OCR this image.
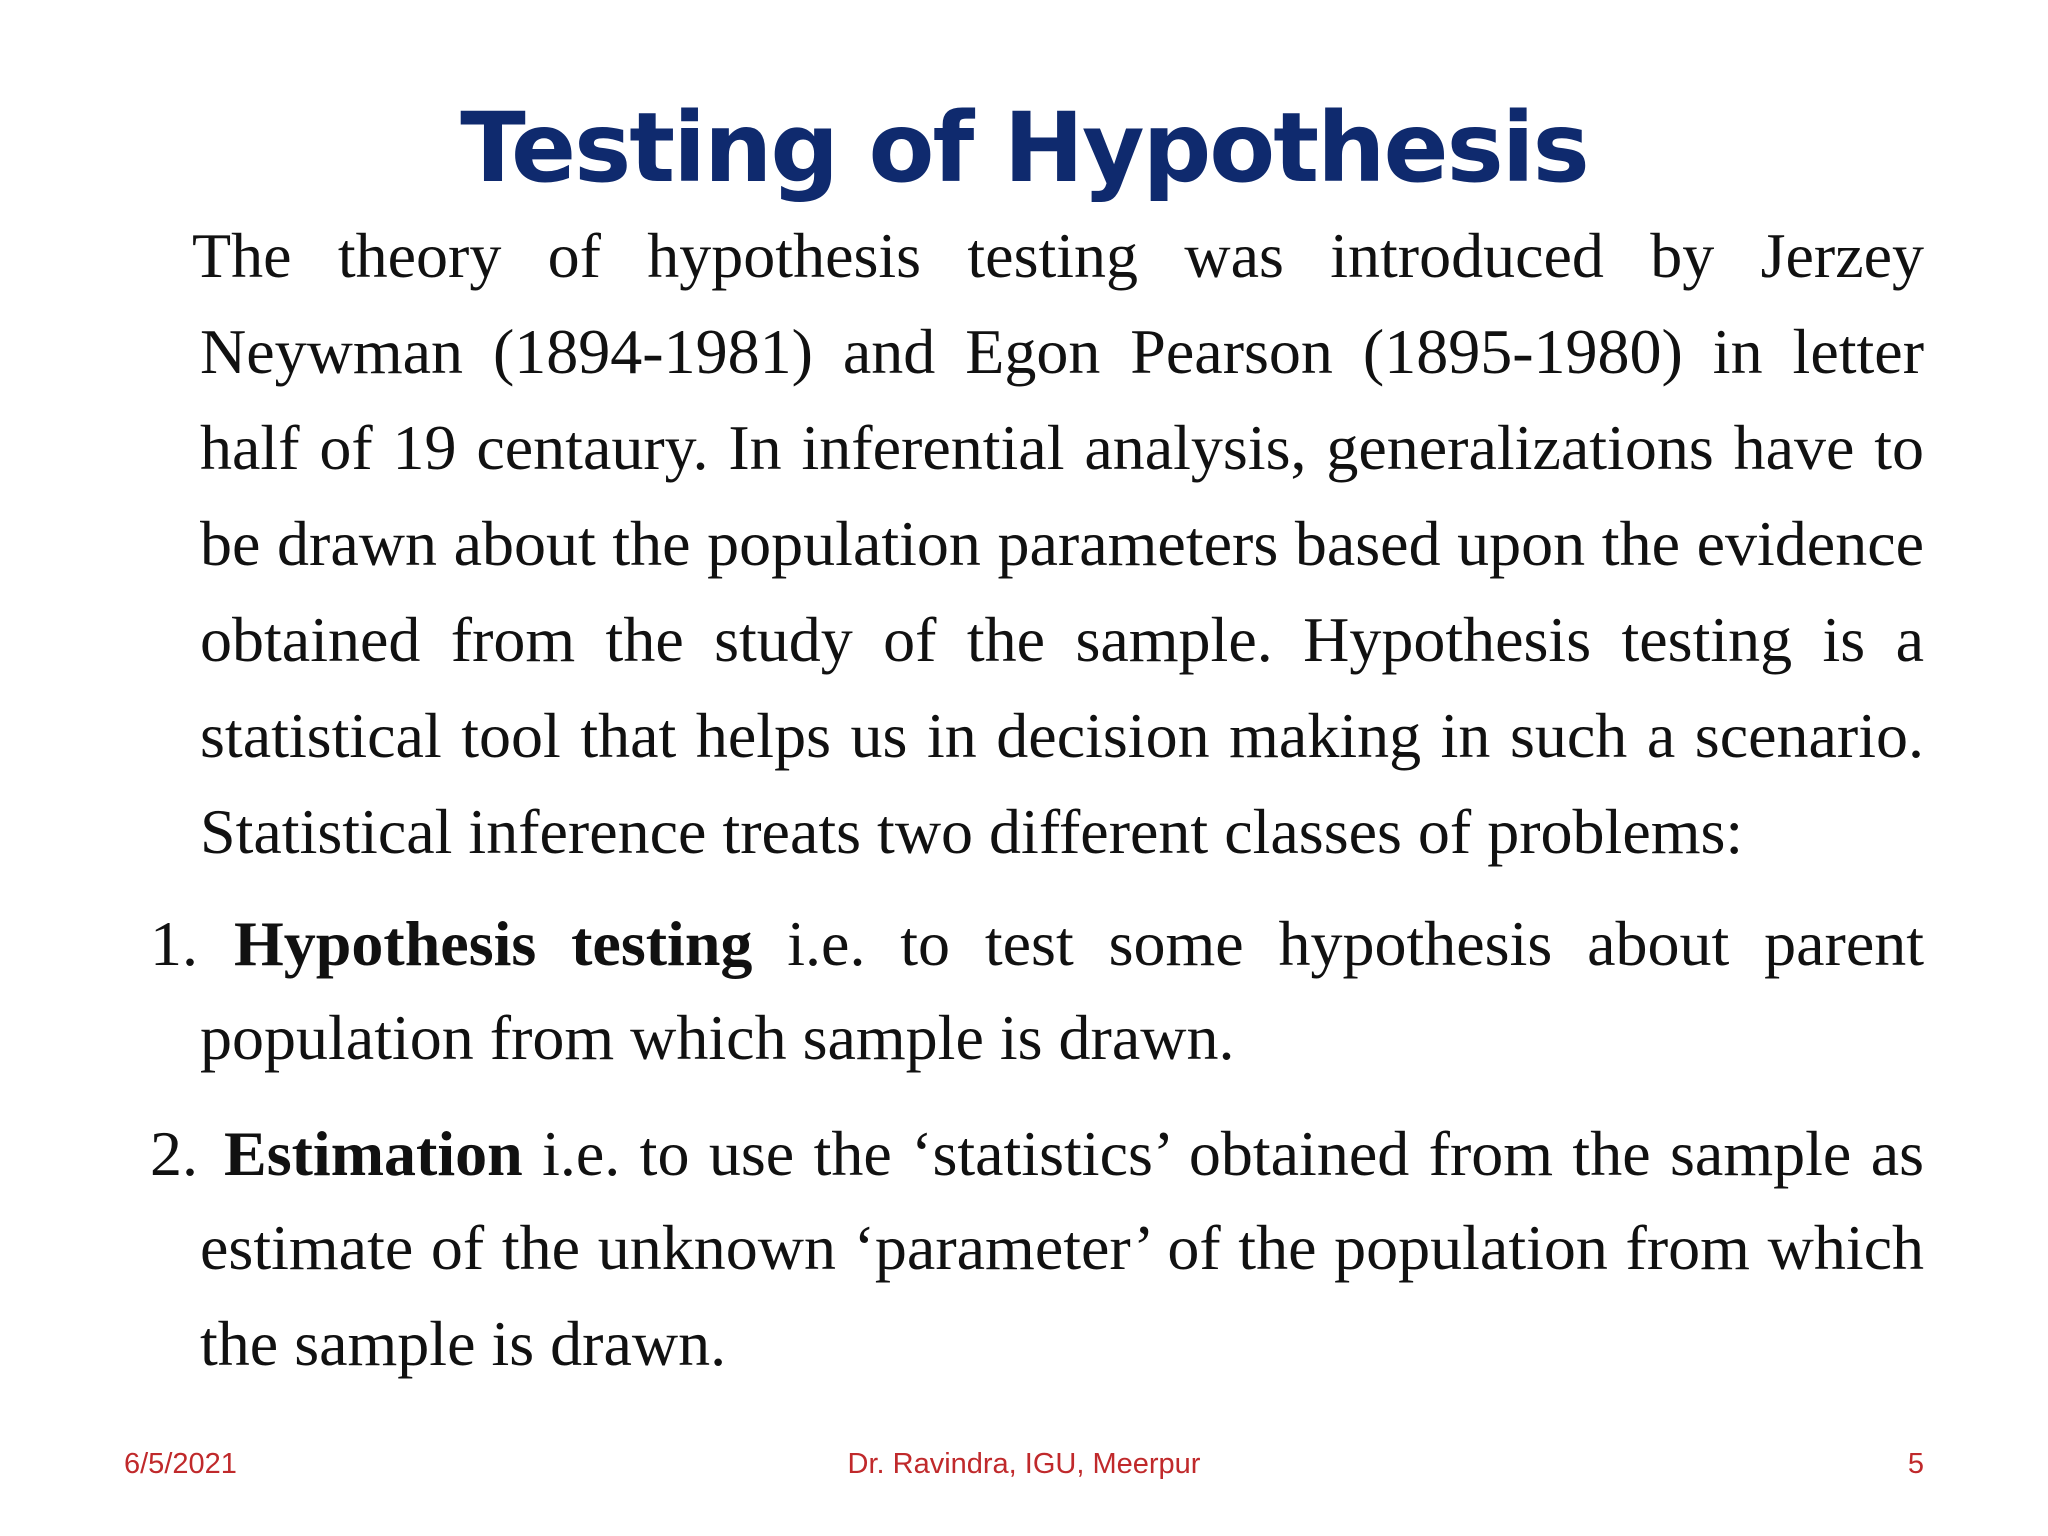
Testing of Hypothesis
The theory of hypothesis testing was introduced by Jerzey
Neywman (1894-1981) and Egon Pearson (1895-1980) in letter
half of 19 centaury. In inferential analysis, generalizations have to
be drawn about the population parameters based upon the evidence
obtained from the study of the sample. Hypothesis testing is a
statistical tool that helps us in decision making in such a scenario.
Statistical inference treats two different classes of problems:
1. Hypothesis testing i.e. to test some hypothesis about parent
population from which sample is drawn.
2. Estimation i.e. to use the ‘statistics’ obtained from the sample as
estimate of the unknown ‘parameter’ of the population from which
the sample is drawn.
6/5/2021	Dr. Ravindra, IGU, Meerpur	5
